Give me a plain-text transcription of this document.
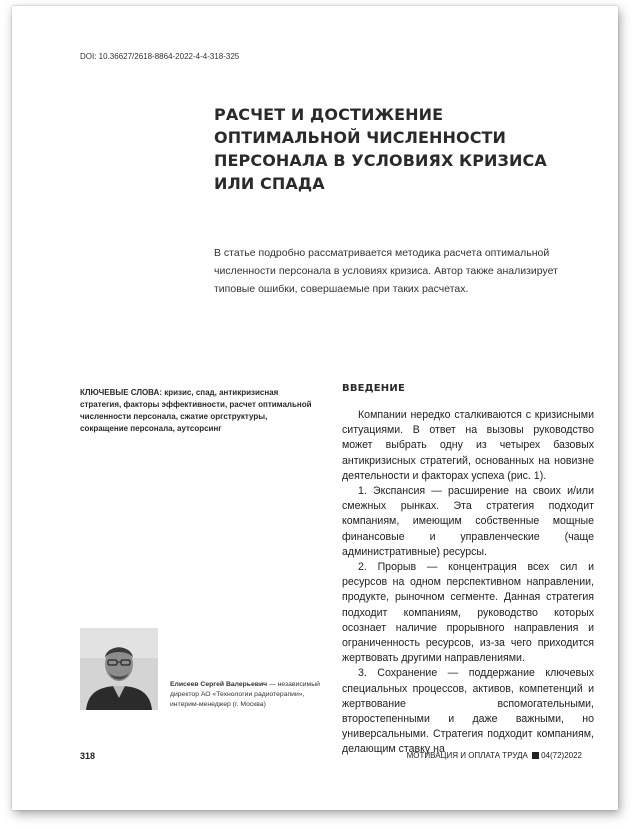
DOI: 10.36627/2618-8864-2022-4-4-318-325
РАСЧЕТ И ДОСТИЖЕНИЕ ОПТИМАЛЬНОЙ ЧИСЛЕННОСТИ ПЕРСОНАЛА В УСЛОВИЯХ КРИЗИСА ИЛИ СПАДА

В статье подробно рассматривается методика расчета оптимальной численности персонала в условиях кризиса. Автор также анализирует типовые ошибки, совершаемые при таких расчетах.

КЛЮЧЕВЫЕ СЛОВА: кризис, спад, антикризисная стратегия, факторы эффективности, расчет оптимальной численности персонала, сжатие оргструктуры, сокращение персонала, аутсорсинг

ВВЕДЕНИЕ

Компании нередко сталкиваются с кризисными ситуациями. В ответ на вызовы руководство может выбрать одну из четырех базовых антикризисных стратегий, основанных на новизне деятельности и факторах успеха (рис. 1).

1. Экспансия — расширение на своих и/или смежных рынках. Эта стратегия подходит компаниям, имеющим собственные мощные финансовые и управленческие (чаще административные) ресурсы.

2. Прорыв — концентрация всех сил и ресурсов на одном перспективном направлении, продукте, рыночном сегменте. Данная стратегия подходит компаниям, руководство которых осознает наличие прорывного направления и ограниченность ресурсов, из-за чего приходится жертвовать другими направлениями.

3. Сохранение — поддержание ключевых специальных процессов, активов, компетенций и жертвование вспомогательными, второстепенными и даже важными, но универсальными. Стратегия подходит компаниям, делающим ставку на

Елисеев Сергей Валерьевич — независимый директор АО «Технологии радиотерапии», интерим-менеджер (г. Москва)

318	МОТИВАЦИЯ И ОПЛАТА ТРУДА 04(72)2022
